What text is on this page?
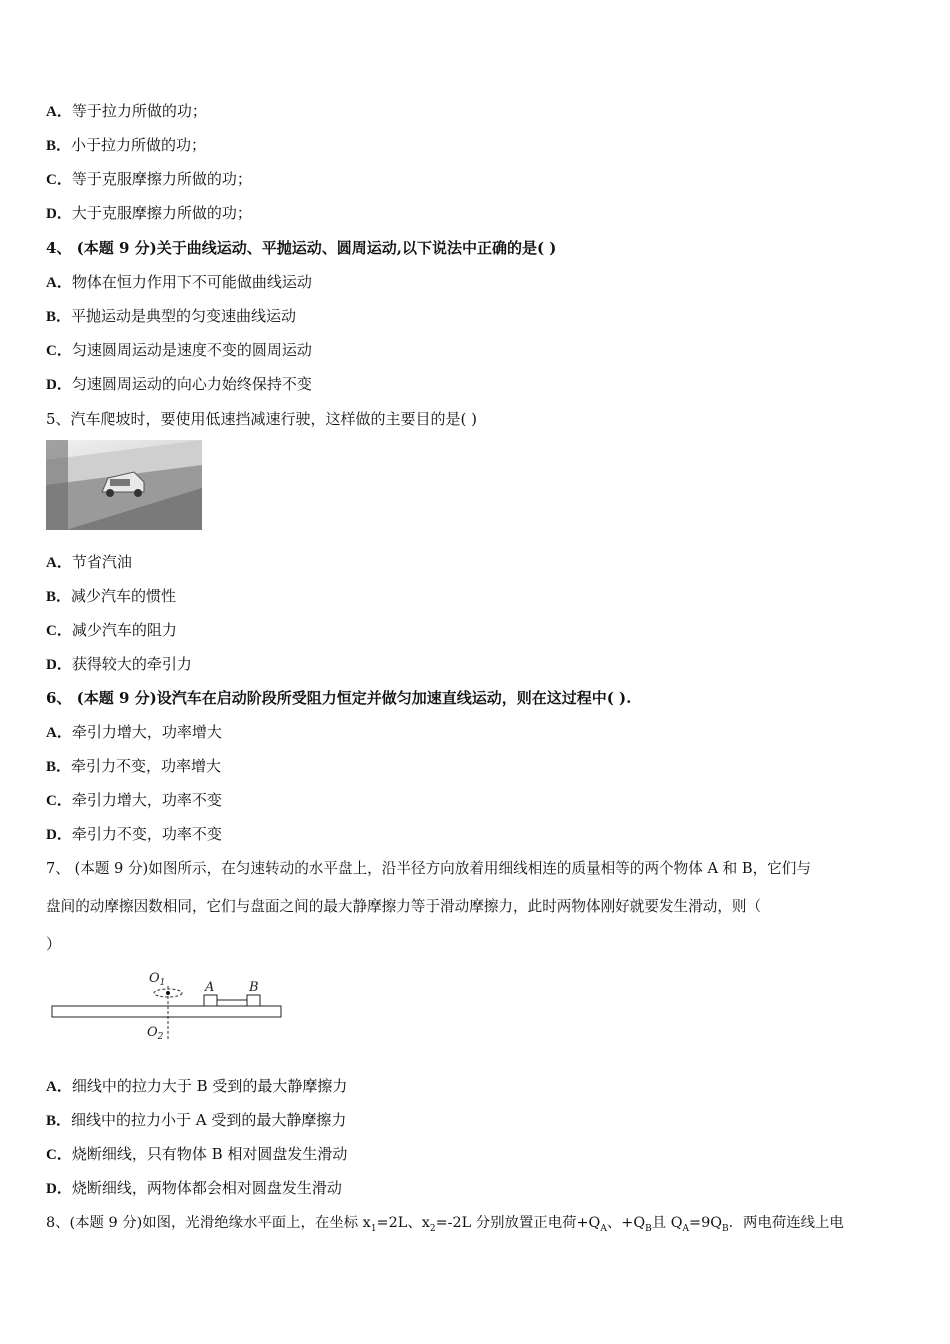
A．等于拉力所做的功；
B．小于拉力所做的功；
C．等于克服摩擦力所做的功；
D．大于克服摩擦力所做的功；
4、 (本题 9 分)关于曲线运动、平抛运动、圆周运动,以下说法中正确的是( )
A．物体在恒力作用下不可能做曲线运动
B．平抛运动是典型的匀变速曲线运动
C．匀速圆周运动是速度不变的圆周运动
D．匀速圆周运动的向心力始终保持不变
5、汽车爬坡时，要使用低速挡减速行驶，这样做的主要目的是( )
A．节省汽油
B．减少汽车的惯性
C．减少汽车的阻力
D．获得较大的牵引力
6、 (本题 9 分)设汽车在启动阶段所受阻力恒定并做匀加速直线运动，则在这过程中( ).
A．牵引力增大，功率增大
B．牵引力不变，功率增大
C．牵引力增大，功率不变
D．牵引力不变，功率不变
7、 (本题 9 分)如图所示，在匀速转动的水平盘上，沿半径方向放着用细线相连的质量相等的两个物体 A 和 B，它们与
盘间的动摩擦因数相同，它们与盘面之间的最大静摩擦力等于滑动摩擦力，此时两物体刚好就要发生滑动，则（
）
$O_1$
$O_2$
A	B
A．细线中的拉力大于 B 受到的最大静摩擦力
B．细线中的拉力小于 A 受到的最大静摩擦力
C．烧断细线，只有物体 B 相对圆盘发生滑动
D．烧断细线，两物体都会相对圆盘发生滑动
8、(本题 9 分)如图，光滑绝缘水平面上，在坐标 $x_1=2L$、$x_2=-2L$ 分别放置正电荷$+Q_A$、$+Q_B$且 $Q_A=9Q_B$．两电荷连线上电
